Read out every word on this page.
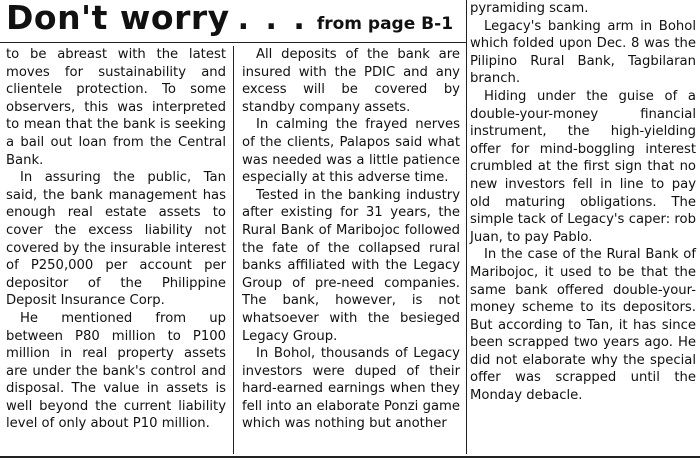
Don't worry . . . from page B-1

to be abreast with the latest moves for sustainability and clientele protection. To some observers, this was interpreted to mean that the bank is seeking a bail out loan from the Central Bank.

In assuring the public, Tan said, the bank management has enough real estate assets to cover the excess liability not covered by the insurable interest of P250,000 per account per depositor of the Philippine Deposit Insurance Corp.

He mentioned from up between P80 million to P100 million in real property assets are under the bank's control and disposal. The value in assets is well beyond the current liability level of only about P10 million.

All deposits of the bank are insured with the PDIC and any excess will be covered by standby company assets.

In calming the frayed nerves of the clients, Palapos said what was needed was a little patience especially at this adverse time.

Tested in the banking industry after existing for 31 years, the Rural Bank of Maribojoc followed the fate of the collapsed rural banks affiliated with the Legacy Group of pre-need companies. The bank, however, is not whatsoever with the besieged Legacy Group.

In Bohol, thousands of Legacy investors were duped of their hard-earned earnings when they fell into an elaborate Ponzi game which was nothing but another

pyramiding scam.

Legacy's banking arm in Bohol which folded upon Dec. 8 was the Pilipino Rural Bank, Tagbilaran branch.

Hiding under the guise of a double-your-money financial instrument, the high-yielding offer for mind-boggling interest crumbled at the first sign that no new investors fell in line to pay old maturing obligations. The simple tack of Legacy's caper: rob Juan, to pay Pablo.

In the case of the Rural Bank of Maribojoc, it used to be that the same bank offered double-your-money scheme to its depositors. But according to Tan, it has since been scrapped two years ago. He did not elaborate why the special offer was scrapped until the Monday debacle.
